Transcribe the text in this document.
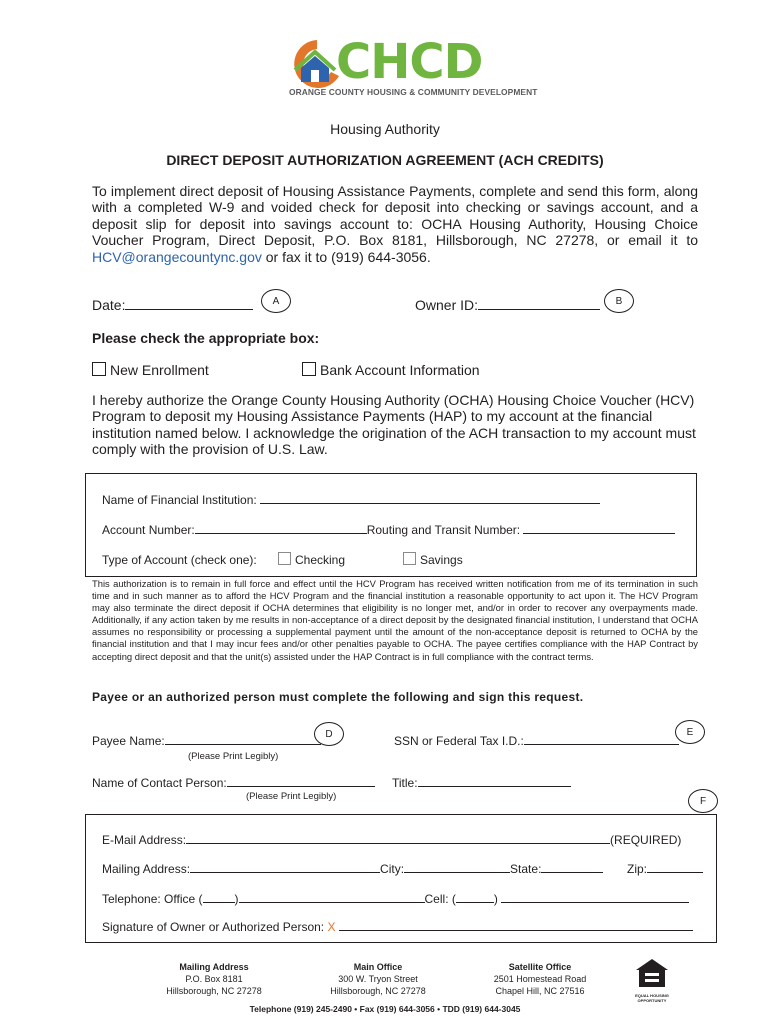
CHCD
ORANGE COUNTY HOUSING & COMMUNITY DEVELOPMENT
Housing Authority
DIRECT DEPOSIT AUTHORIZATION AGREEMENT (ACH CREDITS)
To implement direct deposit of Housing Assistance Payments, complete and send this form, along with a completed W-9 and voided check for deposit into checking or savings account, and a deposit slip for deposit into savings account to: OCHA Housing Authority, Housing Choice Voucher Program, Direct Deposit, P.O. Box 8181, Hillsborough, NC 27278, or email it to HCV@orangecountync.gov or fax it to (919) 644-3056.
Date:	A	Owner ID:	B
Please check the appropriate box:
New Enrollment	Bank Account Information
I hereby authorize the Orange County Housing Authority (OCHA) Housing Choice Voucher (HCV) Program to deposit my Housing Assistance Payments (HAP) to my account at the financial institution named below. I acknowledge the origination of the ACH transaction to my account must comply with the provision of U.S. Law.
Name of Financial Institution:
Account Number:	Routing and Transit Number:
Type of Account (check one):	Checking	Savings
This authorization is to remain in full force and effect until the HCV Program has received written notification from me of its termination in such time and in such manner as to afford the HCV Program and the financial institution a reasonable opportunity to act upon it. The HCV Program may also terminate the direct deposit if OCHA determines that eligibility is no longer met, and/or in order to recover any overpayments made. Additionally, if any action taken by me results in non-acceptance of a direct deposit by the designated financial institution, I understand that OCHA assumes no responsibility or processing a supplemental payment until the amount of the non-acceptance deposit is returned to OCHA by the financial institution and that I may incur fees and/or other penalties payable to OCHA. The payee certifies compliance with the HAP Contract by accepting direct deposit and that the unit(s) assisted under the HAP Contract is in full compliance with the contract terms.
Payee or an authorized person must complete the following and sign this request.
D	E
Payee Name:
(Please Print Legibly)
SSN or Federal Tax I.D.:
Name of Contact Person:	Title:
(Please Print Legibly)	F
E-Mail Address:	(REQUIRED)
Mailing Address:	City:	State:	Zip:
Telephone: Office (	)	Cell: (	)
Signature of Owner or Authorized Person: X
Mailing Address
P.O. Box 8181
Hillsborough, NC 27278
Main Office
300 W. Tryon Street
Hillsborough, NC 27278
Satellite Office
2501 Homestead Road
Chapel Hill, NC 27516	EQUAL HOUSING OPPORTUNITY
Telephone (919) 245-2490 • Fax (919) 644-3056 • TDD (919) 644-3045
